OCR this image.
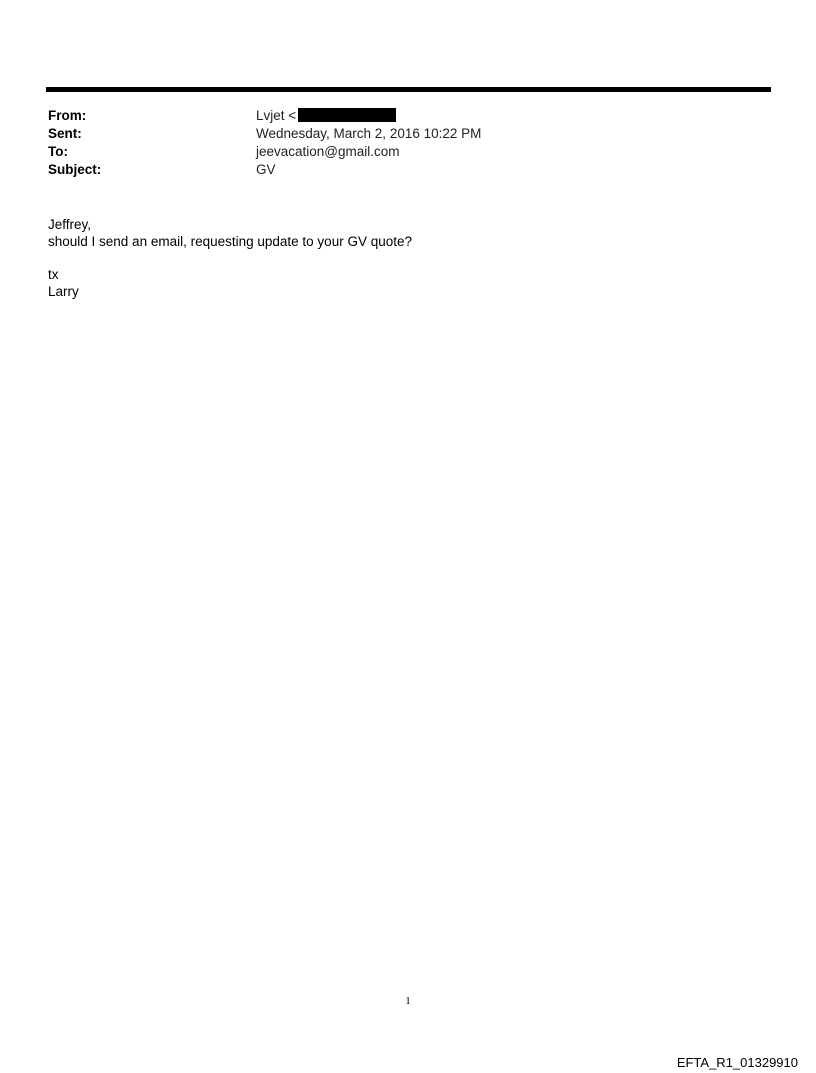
From:	Lvjet <
Sent:	Wednesday, March 2, 2016 10:22 PM
To:	jeevacation@gmail.com
Subject:	GV
Jeffrey,
should I send an email, requesting update to your GV quote?
tx
Larry
1
EFTA_R1_01329910
